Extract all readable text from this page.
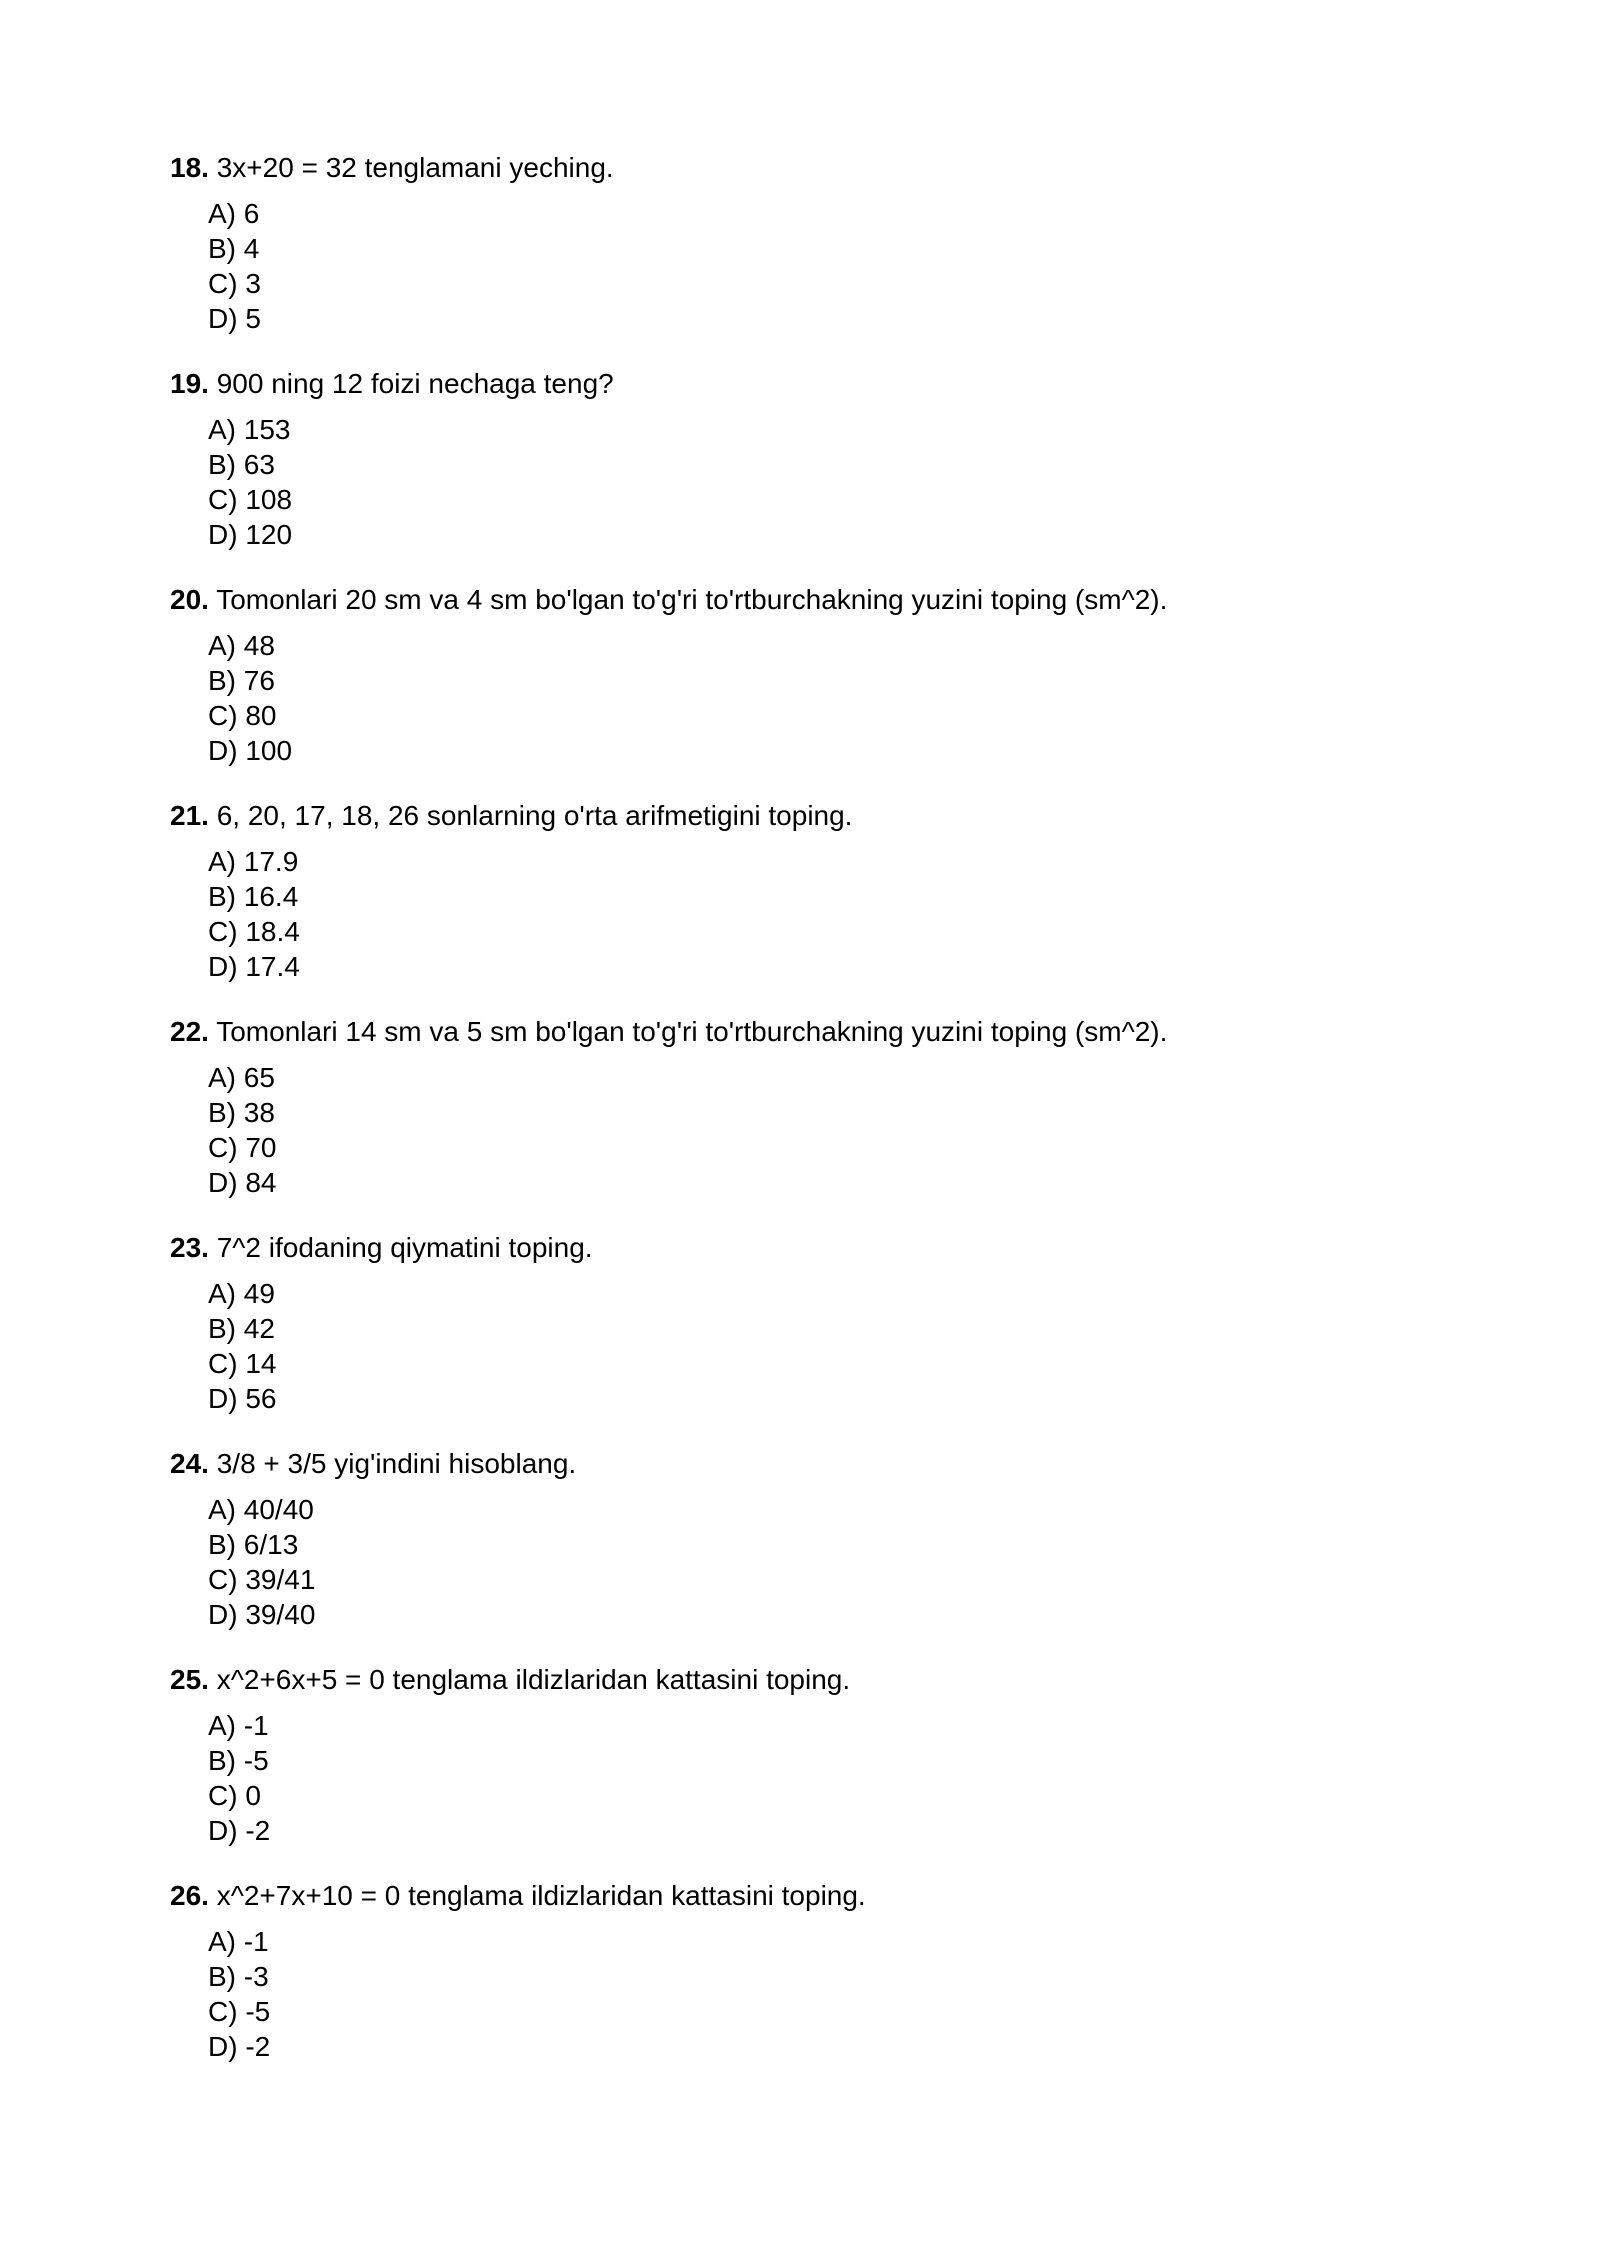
18. 3x+20 = 32 tenglamani yeching.
A) 6
B) 4
C) 3
D) 5
19. 900 ning 12 foizi nechaga teng?
A) 153
B) 63
C) 108
D) 120
20. Tomonlari 20 sm va 4 sm bo'lgan to'g'ri to'rtburchakning yuzini toping (sm^2).
A) 48
B) 76
C) 80
D) 100
21. 6, 20, 17, 18, 26 sonlarning o'rta arifmetigini toping.
A) 17.9
B) 16.4
C) 18.4
D) 17.4
22. Tomonlari 14 sm va 5 sm bo'lgan to'g'ri to'rtburchakning yuzini toping (sm^2).
A) 65
B) 38
C) 70
D) 84
23. 7^2 ifodaning qiymatini toping.
A) 49
B) 42
C) 14
D) 56
24. 3/8 + 3/5 yig'indini hisoblang.
A) 40/40
B) 6/13
C) 39/41
D) 39/40
25. x^2+6x+5 = 0 tenglama ildizlaridan kattasini toping.
A) -1
B) -5
C) 0
D) -2
26. x^2+7x+10 = 0 tenglama ildizlaridan kattasini toping.
A) -1
B) -3
C) -5
D) -2
